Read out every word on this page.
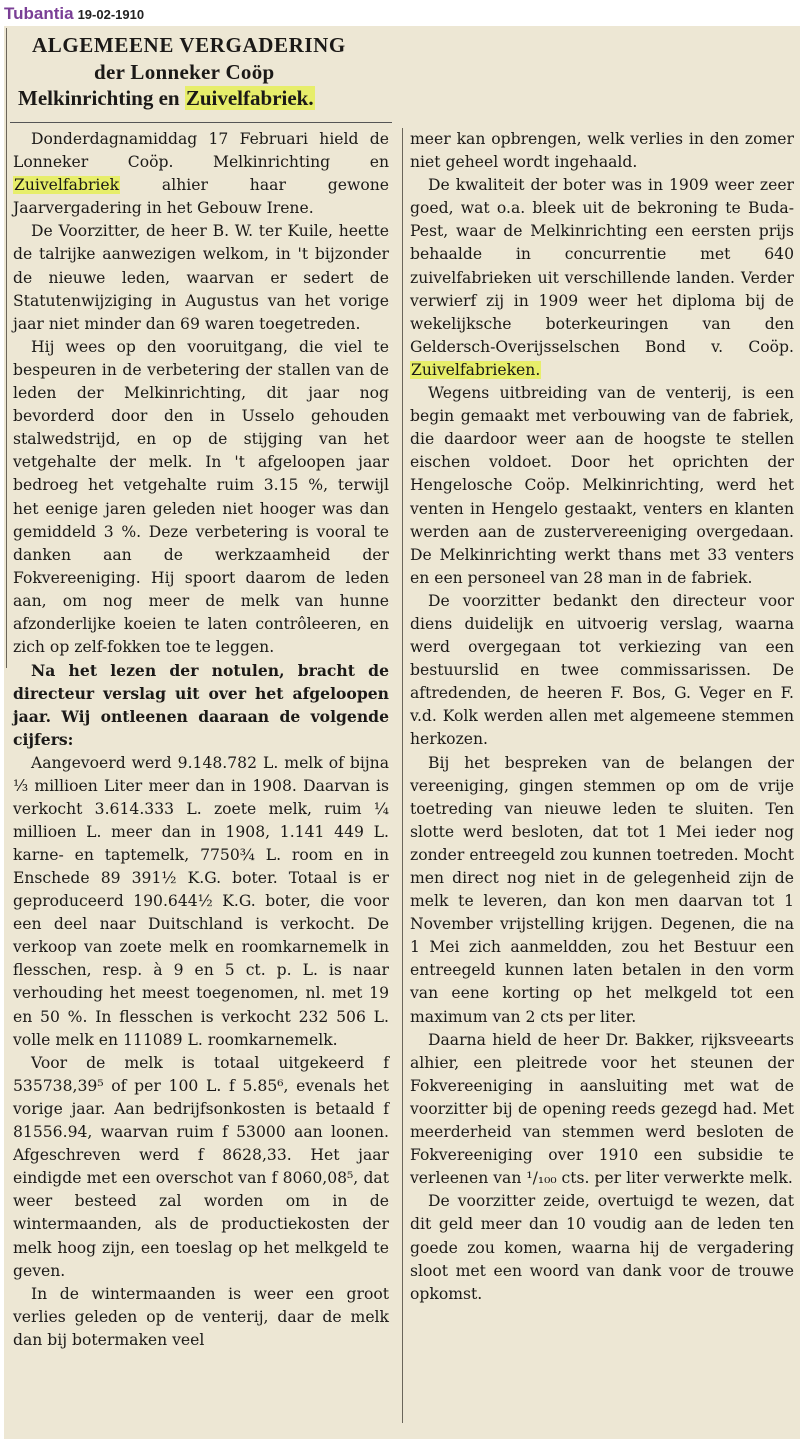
Tubantia 19-02-1910
ALGEMEENE VERGADERING
der Lonneker Coöp
Melkinrichting en Zuivelfabriek.

Donderdagnamiddag 17 Februari hield de Lonneker Coöp. Melkinrichting en Zuivelfabriek alhier haar gewone Jaarvergadering in het Gebouw Irene.

De Voorzitter, de heer B. W. ter Kuile, heette de talrijke aanwezigen welkom, in 't bijzonder de nieuwe leden, waarvan er sedert de Statutenwijziging in Augustus van het vorige jaar niet minder dan 69 waren toegetreden.

Hij wees op den vooruitgang, die viel te bespeuren in de verbetering der stallen van de leden der Melkinrichting, dit jaar nog bevorderd door den in Usselo gehouden stalwedstrijd, en op de stijging van het vetgehalte der melk. In 't afgeloopen jaar bedroeg het vetgehalte ruim 3.15 %, terwijl het eenige jaren geleden niet hooger was dan gemiddeld 3 %. Deze verbetering is vooral te danken aan de werkzaamheid der Fokvereeniging. Hij spoort daarom de leden aan, om nog meer de melk van hunne afzonderlijke koeien te laten contrôleeren, en zich op zelf-fokken toe te leggen.

Na het lezen der notulen, bracht de directeur verslag uit over het afgeloopen jaar. Wij ontleenen daaraan de volgende cijfers:

Aangevoerd werd 9.148.782 L. melk of bijna ⅓ millioen Liter meer dan in 1908. Daarvan is verkocht 3.614.333 L. zoete melk, ruim ¼ millioen L. meer dan in 1908, 1.141 449 L. karne- en taptemelk, 7750¾ L. room en in Enschede 89 391½ K.G. boter. Totaal is er geproduceerd 190.644½ K.G. boter, die voor een deel naar Duitschland is verkocht. De verkoop van zoete melk en roomkarnemelk in flesschen, resp. à 9 en 5 ct. p. L. is naar verhouding het meest toegenomen, nl. met 19 en 50 %. In flesschen is verkocht 232 506 L. volle melk en 111089 L. roomkarnemelk.

Voor de melk is totaal uitgekeerd f 535738,39⁵ of per 100 L. f 5.85⁶, evenals het vorige jaar. Aan bedrijfsonkosten is betaald f 81556.94, waarvan ruim f 53000 aan loonen. Afgeschreven werd f 8628,33. Het jaar eindigde met een overschot van f 8060,08⁵, dat weer besteed zal worden om in de wintermaanden, als de productiekosten der melk hoog zijn, een toeslag op het melkgeld te geven.

In de wintermaanden is weer een groot verlies geleden op de venterij, daar de melk dan bij botermaken veel

meer kan opbrengen, welk verlies in den zomer niet geheel wordt ingehaald.

De kwaliteit der boter was in 1909 weer zeer goed, wat o.a. bleek uit de bekroning te Buda-Pest, waar de Melkinrichting een eersten prijs behaalde in concurrentie met 640 zuivelfabrieken uit verschillende landen. Verder verwierf zij in 1909 weer het diploma bij de wekelijksche boterkeuringen van den Geldersch-Overijsselschen Bond v. Coöp. Zuivelfabrieken.

Wegens uitbreiding van de venterij, is een begin gemaakt met verbouwing van de fabriek, die daardoor weer aan de hoogste te stellen eischen voldoet. Door het oprichten der Hengelosche Coöp. Melkinrichting, werd het venten in Hengelo gestaakt, venters en klanten werden aan de zustervereeniging overgedaan. De Melkinrichting werkt thans met 33 venters en een personeel van 28 man in de fabriek.

De voorzitter bedankt den directeur voor diens duidelijk en uitvoerig verslag, waarna werd overgegaan tot verkiezing van een bestuurslid en twee commissarissen. De aftredenden, de heeren F. Bos, G. Veger en F. v.d. Kolk werden allen met algemeene stemmen herkozen.

Bij het bespreken van de belangen der vereeniging, gingen stemmen op om de vrije toetreding van nieuwe leden te sluiten. Ten slotte werd besloten, dat tot 1 Mei ieder nog zonder entreegeld zou kunnen toetreden. Mocht men direct nog niet in de gelegenheid zijn de melk te leveren, dan kon men daarvan tot 1 November vrijstelling krijgen. Degenen, die na 1 Mei zich aanmeldden, zou het Bestuur een entreegeld kunnen laten betalen in den vorm van eene korting op het melkgeld tot een maximum van 2 cts per liter.

Daarna hield de heer Dr. Bakker, rijksveearts alhier, een pleitrede voor het steunen der Fokvereeniging in aansluiting met wat de voorzitter bij de opening reeds gezegd had. Met meerderheid van stemmen werd besloten de Fokvereeniging over 1910 een subsidie te verleenen van ¹/₁₀₀ cts. per liter verwerkte melk.

De voorzitter zeide, overtuigd te wezen, dat dit geld meer dan 10 voudig aan de leden ten goede zou komen, waarna hij de vergadering sloot met een woord van dank voor de trouwe opkomst.
